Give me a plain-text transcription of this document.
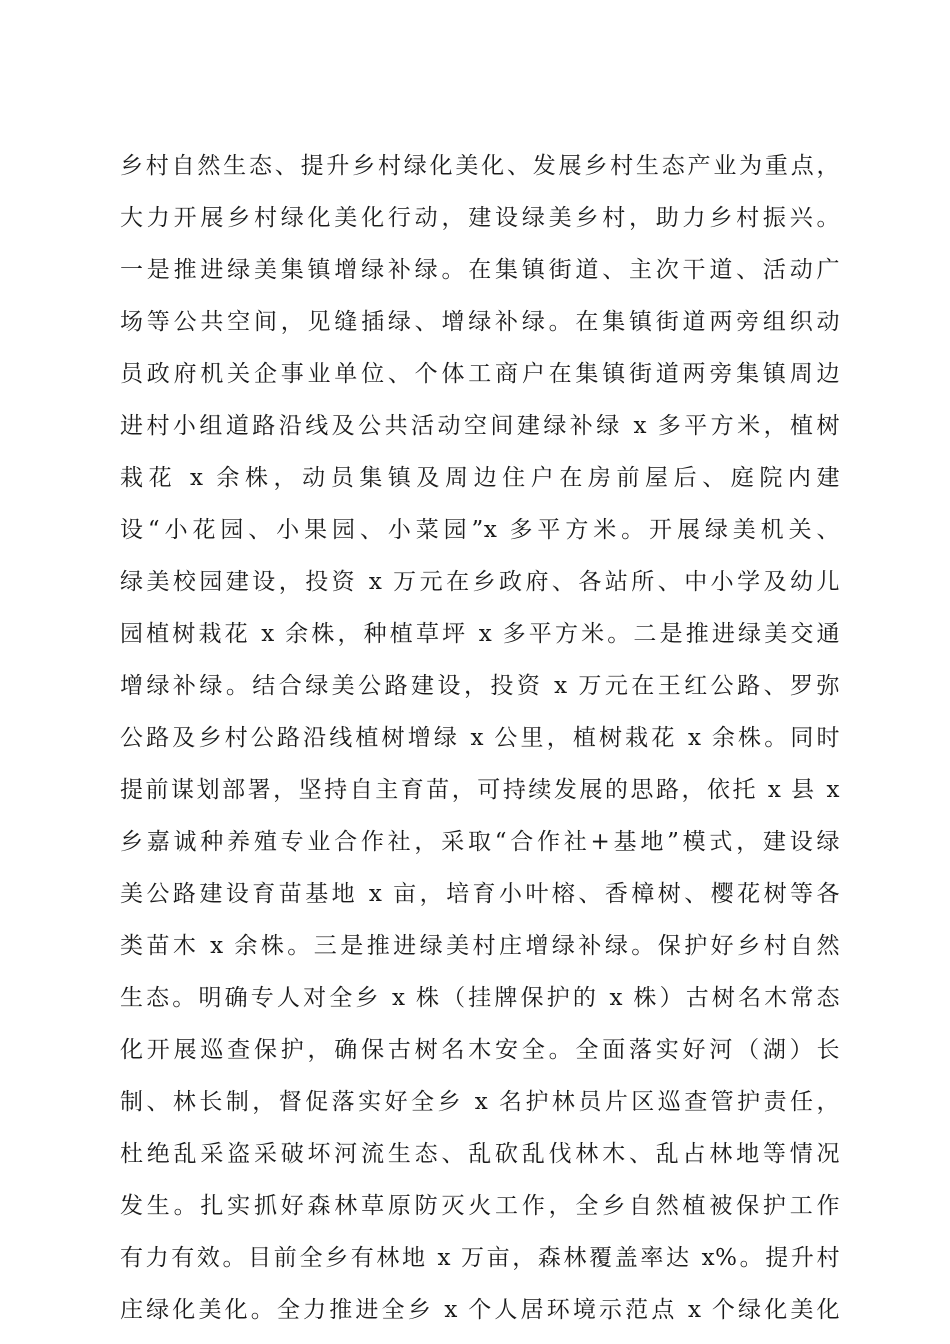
乡村自然生态、提升乡村绿化美化、发展乡村生态产业为重点，
大力开展乡村绿化美化行动，建设绿美乡村，助力乡村振兴。
一是推进绿美集镇增绿补绿。在集镇街道、主次干道、活动广
场等公共空间，见缝插绿、增绿补绿。在集镇街道两旁组织动
员政府机关企事业单位、个体工商户在集镇街道两旁集镇周边
进村小组道路沿线及公共活动空间建绿补绿 x 多平方米，植树
栽花 x 余株，动员集镇及周边住户在房前屋后、庭院内建
设“小花园、小果园、小菜园”x 多平方米。开展绿美机关、
绿美校园建设，投资 x 万元在乡政府、各站所、中小学及幼儿
园植树栽花 x 余株，种植草坪 x 多平方米。二是推进绿美交通
增绿补绿。结合绿美公路建设，投资 x 万元在王红公路、罗弥
公路及乡村公路沿线植树增绿 x 公里，植树栽花 x 余株。同时
提前谋划部署，坚持自主育苗，可持续发展的思路，依托 x 县 x
乡嘉诚种养殖专业合作社，采取“合作社+基地”模式，建设绿
美公路建设育苗基地 x 亩，培育小叶榕、香樟树、樱花树等各
类苗木 x 余株。三是推进绿美村庄增绿补绿。保护好乡村自然
生态。明确专人对全乡 x 株（挂牌保护的 x 株）古树名木常态
化开展巡查保护，确保古树名木安全。全面落实好河（湖）长
制、林长制，督促落实好全乡 x 名护林员片区巡查管护责任，
杜绝乱采盗采破坏河流生态、乱砍乱伐林木、乱占林地等情况
发生。扎实抓好森林草原防灭火工作，全乡自然植被保护工作
有力有效。目前全乡有林地 x 万亩，森林覆盖率达 x%。提升村
庄绿化美化。全力推进全乡 x 个人居环境示范点 x 个绿化美化
